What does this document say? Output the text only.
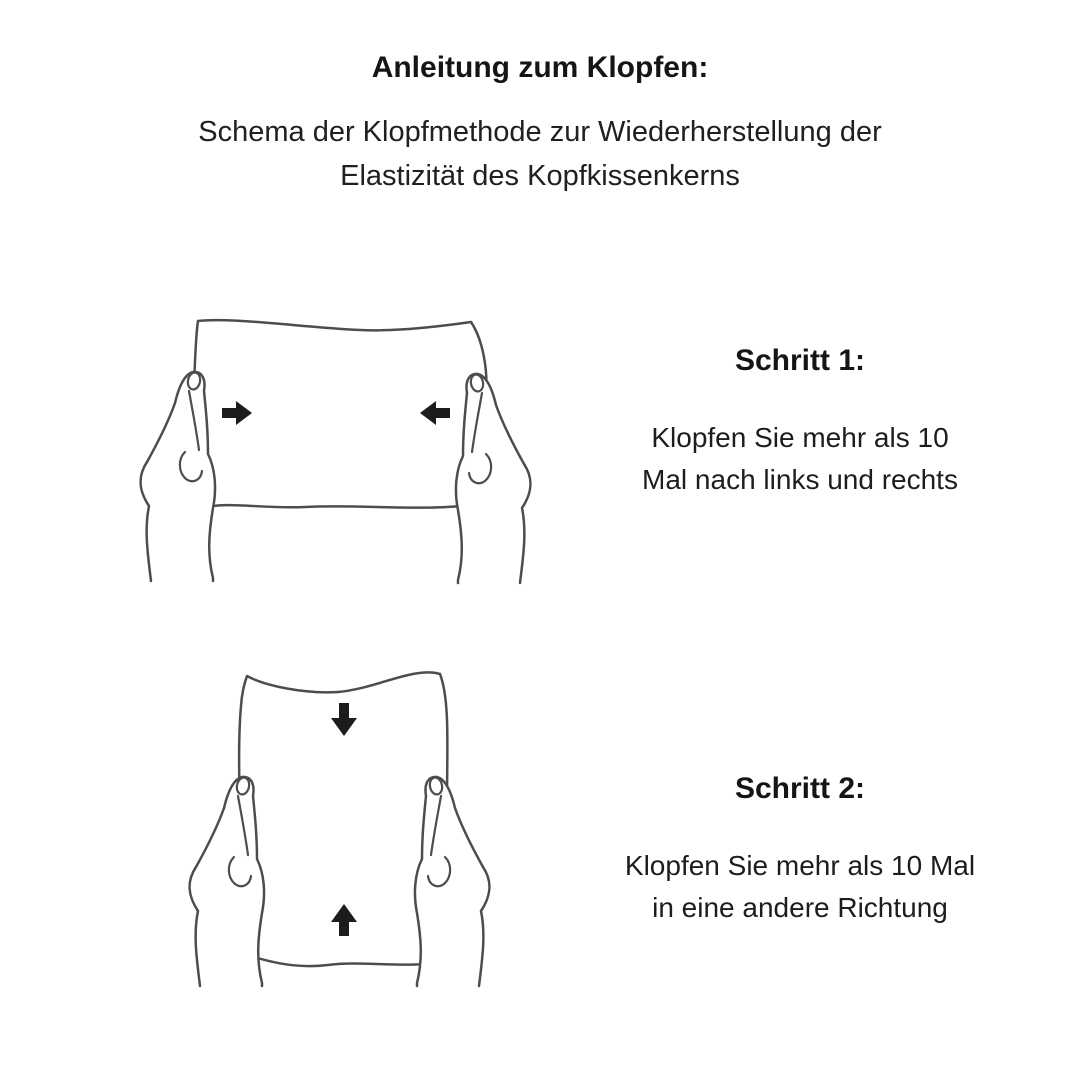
Anleitung zum Klopfen:
Schema der Klopfmethode zur Wiederherstellung der
Elastizität des Kopfkissenkerns
Schritt 1:
Klopfen Sie mehr als 10
Mal nach links und rechts
Schritt 2:
Klopfen Sie mehr als 10 Mal
in eine andere Richtung
